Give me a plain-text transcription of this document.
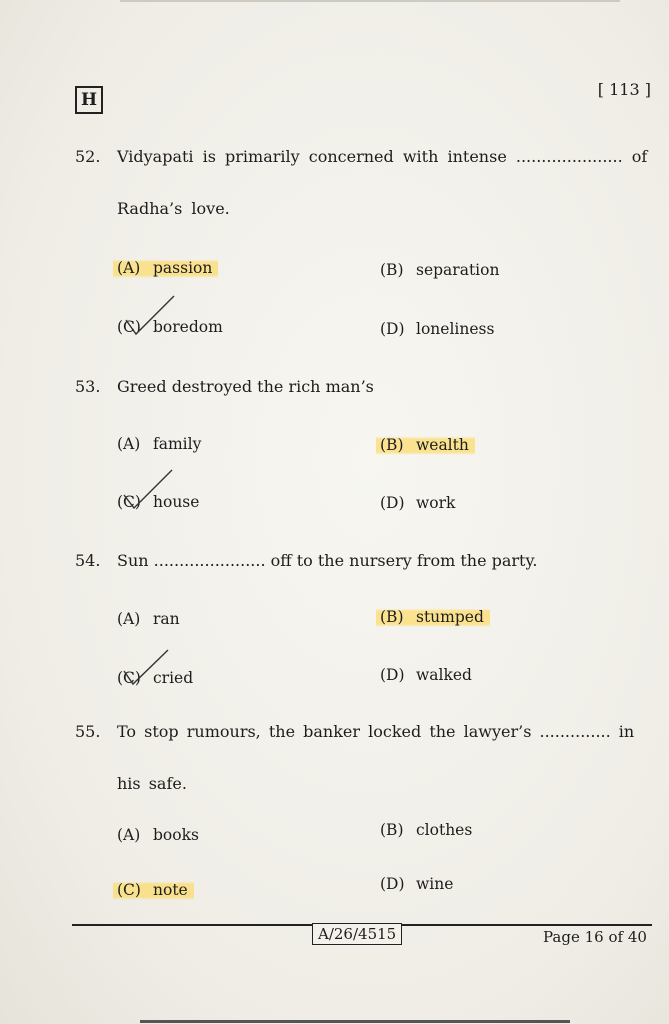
H
[ 113 ]
52. Vidyapati is primarily concerned with intense ..................... of Radha’s love.
(A) passion	(B) separation
(C) boredom	(D) loneliness
53. Greed destroyed the rich man’s
(A) family	(B) wealth
(C) house	(D) work
54. Sun ...................... off to the nursery from the party.
(A) ran	(B) stumped
(C) cried	(D) walked
55. To stop rumours, the banker locked the lawyer’s .............. in his safe.
(A) books	(B) clothes
(C) note	(D) wine
A/26/4515	Page 16 of 40
